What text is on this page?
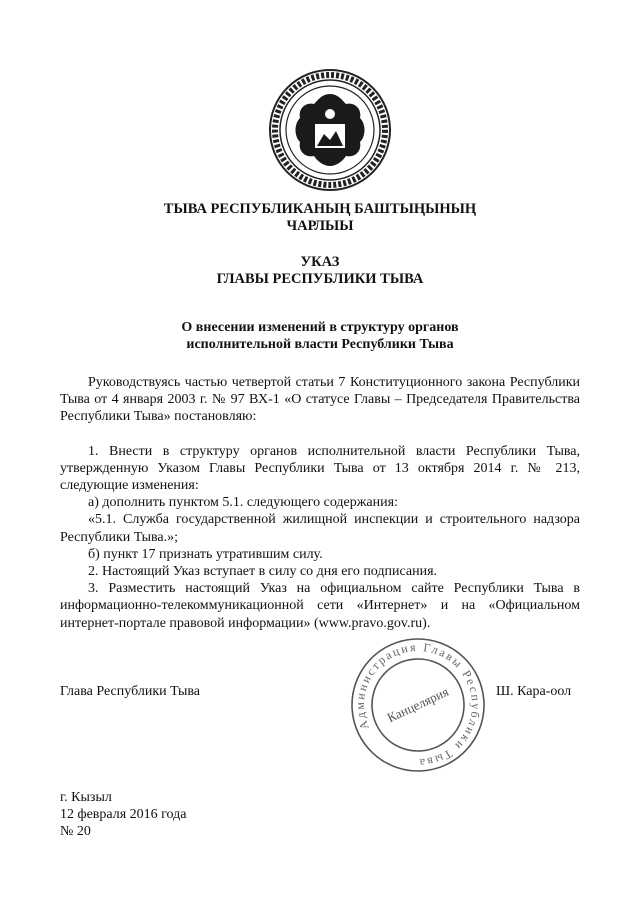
ТЫВА РЕСПУБЛИКАНЫҢ БАШТЫҢЫНЫҢ
ЧАРЛЫЫ
УКАЗ
ГЛАВЫ РЕСПУБЛИКИ ТЫВА
О внесении изменений в структуру органов
исполнительной власти Республики Тыва

Руководствуясь частью четвертой статьи 7 Конституционного закона Республики Тыва от 4 января 2003 г. № 97 ВХ-1 «О статусе Главы – Председателя Правительства Республики Тыва» постановляю:

1. Внести в структуру органов исполнительной власти Республики Тыва, утвержденную Указом Главы Республики Тыва от 13 октября 2014 г. № 213, следующие изменения:

а) дополнить пунктом 5.1. следующего содержания:

«5.1. Служба государственной жилищной инспекции и строительного надзора Республики Тыва.»;

б) пункт 17 признать утратившим силу.

2. Настоящий Указ вступает в силу со дня его подписания.

3. Разместить настоящий Указ на официальном сайте Республики Тыва в информационно-телекоммуникационной сети «Интернет» и на «Официальном интернет-портале правовой информации» (www.pravo.gov.ru).

Администрация Главы Республики Тыва
Канцелярия
Глава Республики Тыва	Ш. Кара-оол
г. Кызыл
12 февраля 2016 года
№ 20
